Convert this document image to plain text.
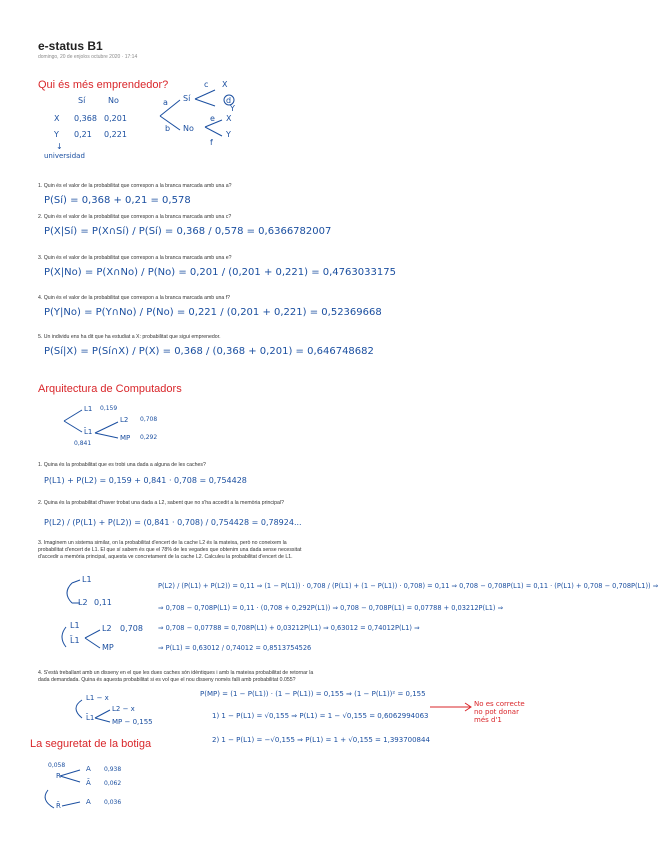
e-status B1
domingo, 20 de enjolos octubre 2020 · 17:14
Qui és més emprendedor?
Sí	No
X 0,368 0,201
Y 0,21 0,221
↓
universidad
c X
d
Y
a Sí
No
b
e X
f
Y
1. Quin és el valor de la probabilitat que correspon a la branca marcada amb una a?
P(Sí) = 0,368 + 0,21 = 0,578
2. Quin és el valor de la probabilitat que correspon a la branca marcada amb una c?
P(X|Sí) = P(X∩Sí) / P(Sí) = 0,368 / 0,578 = 0,6366782007
3. Quin és el valor de la probabilitat que correspon a la branca marcada amb una e?
P(X|No) = P(X∩No) / P(No) = 0,201 / (0,201 + 0,221) = 0,4763033175
4. Quin és el valor de la probabilitat que correspon a la branca marcada amb una f?
P(Y|No) = P(Y∩No) / P(No) = 0,221 / (0,201 + 0,221) = 0,52369668
5. Un individu ens ha dit que ha estudiat a X: probabilitat que sigui emprenedor.
P(Sí|X) = P(Sí∩X) / P(X) = 0,368 / (0,368 + 0,201) = 0,646748682
Arquitectura de Computadors
L1 0,159
L̄1
0,841
L2 0,708
MP 0,292
1. Quina és la probabilitat que es trobi una dada a alguna de les caches?
P(L1) + P(L2) = 0,159 + 0,841 · 0,708 = 0,754428
2. Quina és la probabilitat d'haver trobat una dada a L2, sabent que no s'ha accedit a la memòria principal?
P(L2) / (P(L1) + P(L2)) = (0,841 · 0,708) / 0,754428 = 0,78924...
3. Imaginem un sistema similar, on la probabilitat d'encert de la cache L2 és la mateixa, però no coneixem la
probabilitat d'encert de L1. El que sí sabem és que el 78% de les vegades que obtenim una dada sense necessitat
d'accedir a memòria principal, aquesta ve concretament de la cache L2. Calculeu la probabilitat d'encert de L1.
L1
L2 0,11
L1
L̄1
L2 0,708
MP
P(L2) / (P(L1) + P(L2)) = 0,11 ⇒ (1 − P(L1)) · 0,708 / (P(L1) + (1 − P(L1)) · 0,708) = 0,11 ⇒ 0,708 − 0,708P(L1) = 0,11 · (P(L1) + 0,708 − 0,708P(L1)) ⇒
⇒ 0,708 − 0,708P(L1) = 0,11 · (0,708 + 0,292P(L1)) ⇒ 0,708 − 0,708P(L1) = 0,07788 + 0,03212P(L1) ⇒
⇒ 0,708 − 0,07788 = 0,708P(L1) + 0,03212P(L1) ⇒ 0,63012 = 0,74012P(L1) ⇒
⇒ P(L1) = 0,63012 / 0,74012 = 0,8513754526
4. S'està treballant amb un disseny en el que les dues caches són idèntiques i amb la mateixa probabilitat de retornar la
dada demandada. Quina és aquesta probabilitat si es vol que el nou disseny només falli amb probabilitat 0.055?
L1 − x
L̄1
L2 − x
MP − 0,155
P(MP) = (1 − P(L1)) · (1 − P(L1)) = 0,155 ⇒ (1 − P(L1))² = 0,155
1) 1 − P(L1) = √0,155 ⇒ P(L1) = 1 − √0,155 = 0,6062994063
2) 1 − P(L1) = −√0,155 ⇒ P(L1) = 1 + √0,155 = 1,393700844
No es correcte
no pot donar
més d'1
La seguretat de la botiga
0,058
R
A 0,938
Ā 0,062
R̄	A 0,036
